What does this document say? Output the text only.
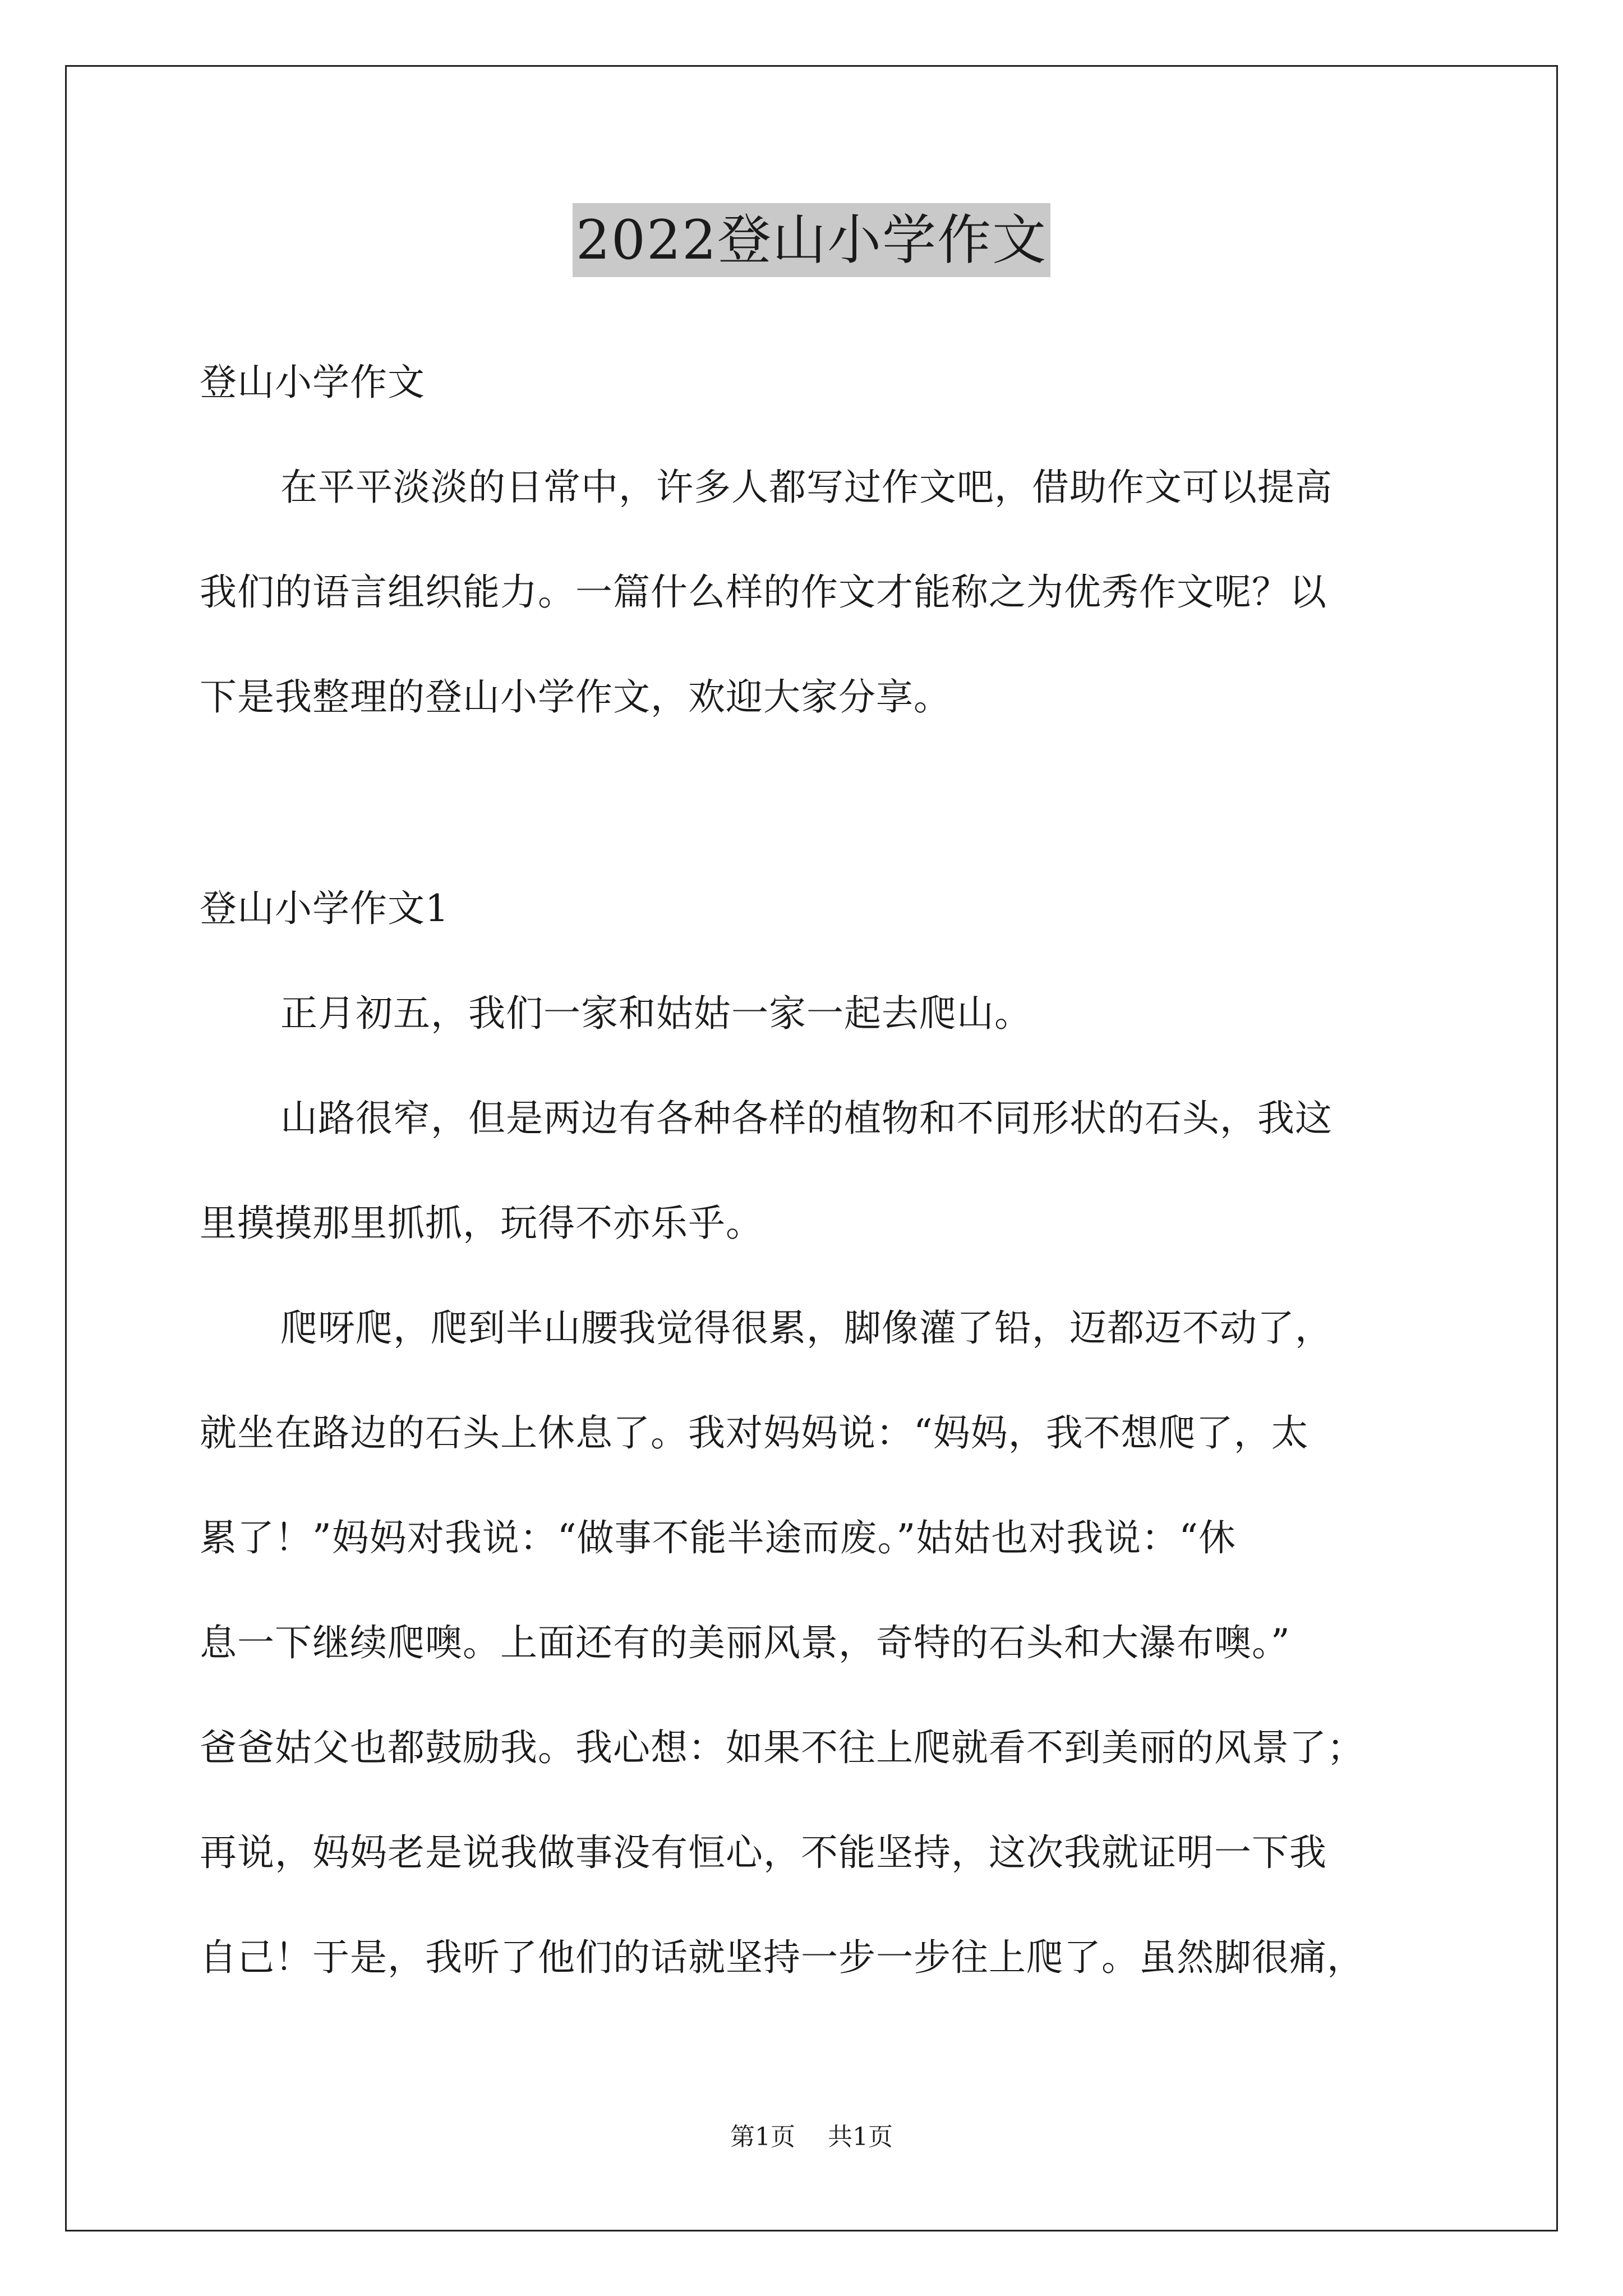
2022登山小学作文
登山小学作文
在平平淡淡的日常中，许多人都写过作文吧，借助作文可以提高
我们的语言组织能力。一篇什么样的作文才能称之为优秀作文呢？以
下是我整理的登山小学作文，欢迎大家分享。
登山小学作文1
正月初五，我们一家和姑姑一家一起去爬山。
山路很窄，但是两边有各种各样的植物和不同形状的石头，我这
里摸摸那里抓抓，玩得不亦乐乎。
爬呀爬，爬到半山腰我觉得很累，脚像灌了铅，迈都迈不动了，
就坐在路边的石头上休息了。我对妈妈说：“妈妈，我不想爬了，太
累了！”妈妈对我说：“做事不能半途而废。”姑姑也对我说：“休
息一下继续爬噢。上面还有的美丽风景，奇特的石头和大瀑布噢。”
爸爸姑父也都鼓励我。我心想：如果不往上爬就看不到美丽的风景了；
再说，妈妈老是说我做事没有恒心，不能坚持，这次我就证明一下我
自己！于是，我听了他们的话就坚持一步一步往上爬了。虽然脚很痛，
第1页 共1页
